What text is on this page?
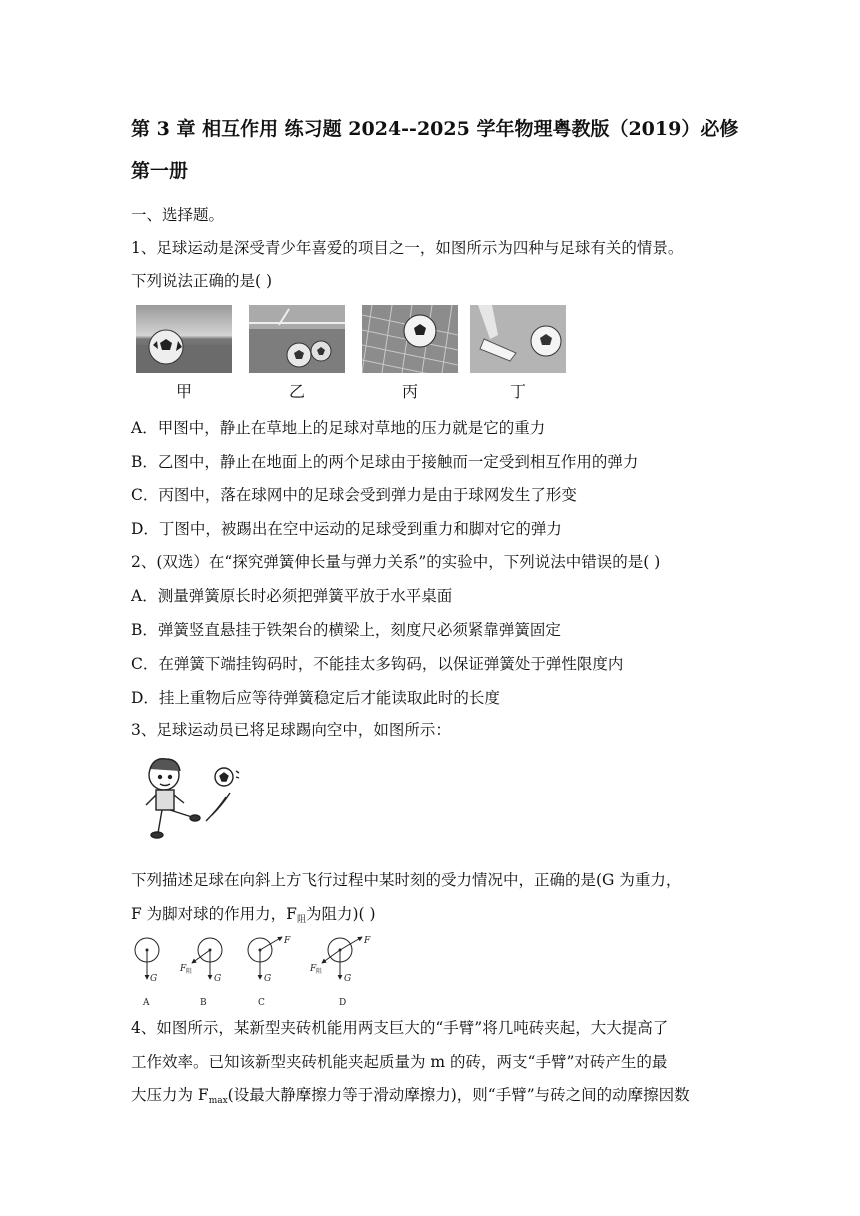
第 3 章 相互作用 练习题 2024--2025 学年物理粤教版（2019）必修第一册
一、选择题。
1、足球运动是深受青少年喜爱的项目之一，如图所示为四种与足球有关的情景。
下列说法正确的是( )
甲	乙	丙	丁
A．甲图中，静止在草地上的足球对草地的压力就是它的重力
B．乙图中，静止在地面上的两个足球由于接触而一定受到相互作用的弹力
C．丙图中，落在球网中的足球会受到弹力是由于球网发生了形变
D．丁图中，被踢出在空中运动的足球受到重力和脚对它的弹力
2、(双选）在“探究弹簧伸长量与弹力关系”的实验中，下列说法中错误的是( )
A．测量弹簧原长时必须把弹簧平放于水平桌面
B．弹簧竖直悬挂于铁架台的横梁上，刻度尺必须紧靠弹簧固定
C．在弹簧下端挂钩码时，不能挂太多钩码，以保证弹簧处于弹性限度内
D．挂上重物后应等待弹簧稳定后才能读取此时的长度
3、足球运动员已将足球踢向空中，如图所示：
下列描述足球在向斜上方飞行过程中某时刻的受力情况中，正确的是(G 为重力，
F 为脚对球的作用力，$F_阻$为阻力)( )
G
A
G
F 阻
B
F
G
C
F
G
F 阻
D
4、如图所示，某新型夹砖机能用两支巨大的“手臂”将几吨砖夹起，大大提高了
工作效率。已知该新型夹砖机能夹起质量为 m 的砖，两支“手臂”对砖产生的最
大压力为 $F_{max}$(设最大静摩擦力等于滑动摩擦力)，则“手臂”与砖之间的动摩擦因数
